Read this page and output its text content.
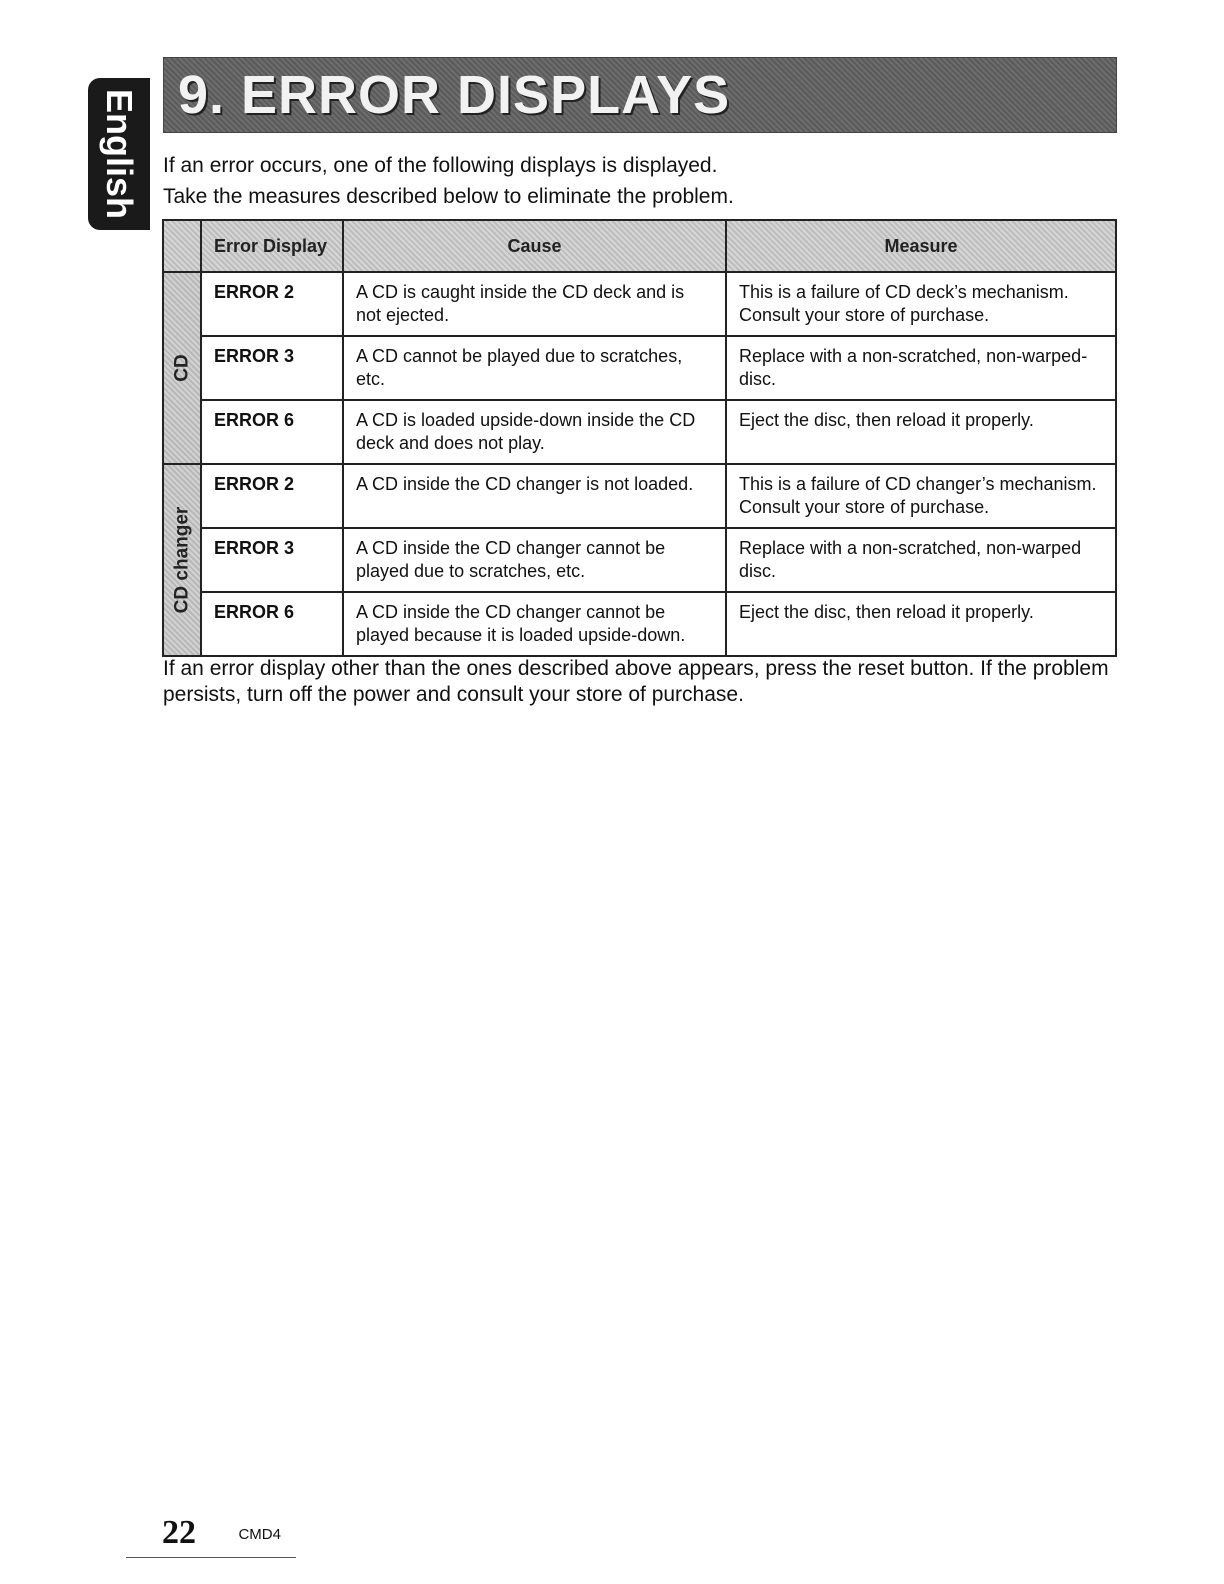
English 9. ERROR DISPLAYS

If an error occurs, one of the following displays is displayed.

Take the measures described below to eliminate the problem.

	Error Display	Cause	Measure

CD	ERROR 2	A CD is caught inside the CD deck and is not ejected.	This is a failure of CD deck’s mechanism. Consult your store of purchase.
	ERROR 3	A CD cannot be played due to scratches, etc.	Replace with a non-scratched, non-warped-disc.
	ERROR 6	A CD is loaded upside-down inside the CD deck and does not play.	Eject the disc, then reload it properly.

CD changer	ERROR 2	A CD inside the CD changer is not loaded.	This is a failure of CD changer’s mechanism. Consult your store of purchase.
	ERROR 3	A CD inside the CD changer cannot be played due to scratches, etc.	Replace with a non-scratched, non-warped disc.
	ERROR 6	A CD inside the CD changer cannot be played because it is loaded upside-down.	Eject the disc, then reload it properly.

If an error display other than the ones described above appears, press the reset button. If the problem persists, turn off the power and consult your store of purchase.

22	CMD4
